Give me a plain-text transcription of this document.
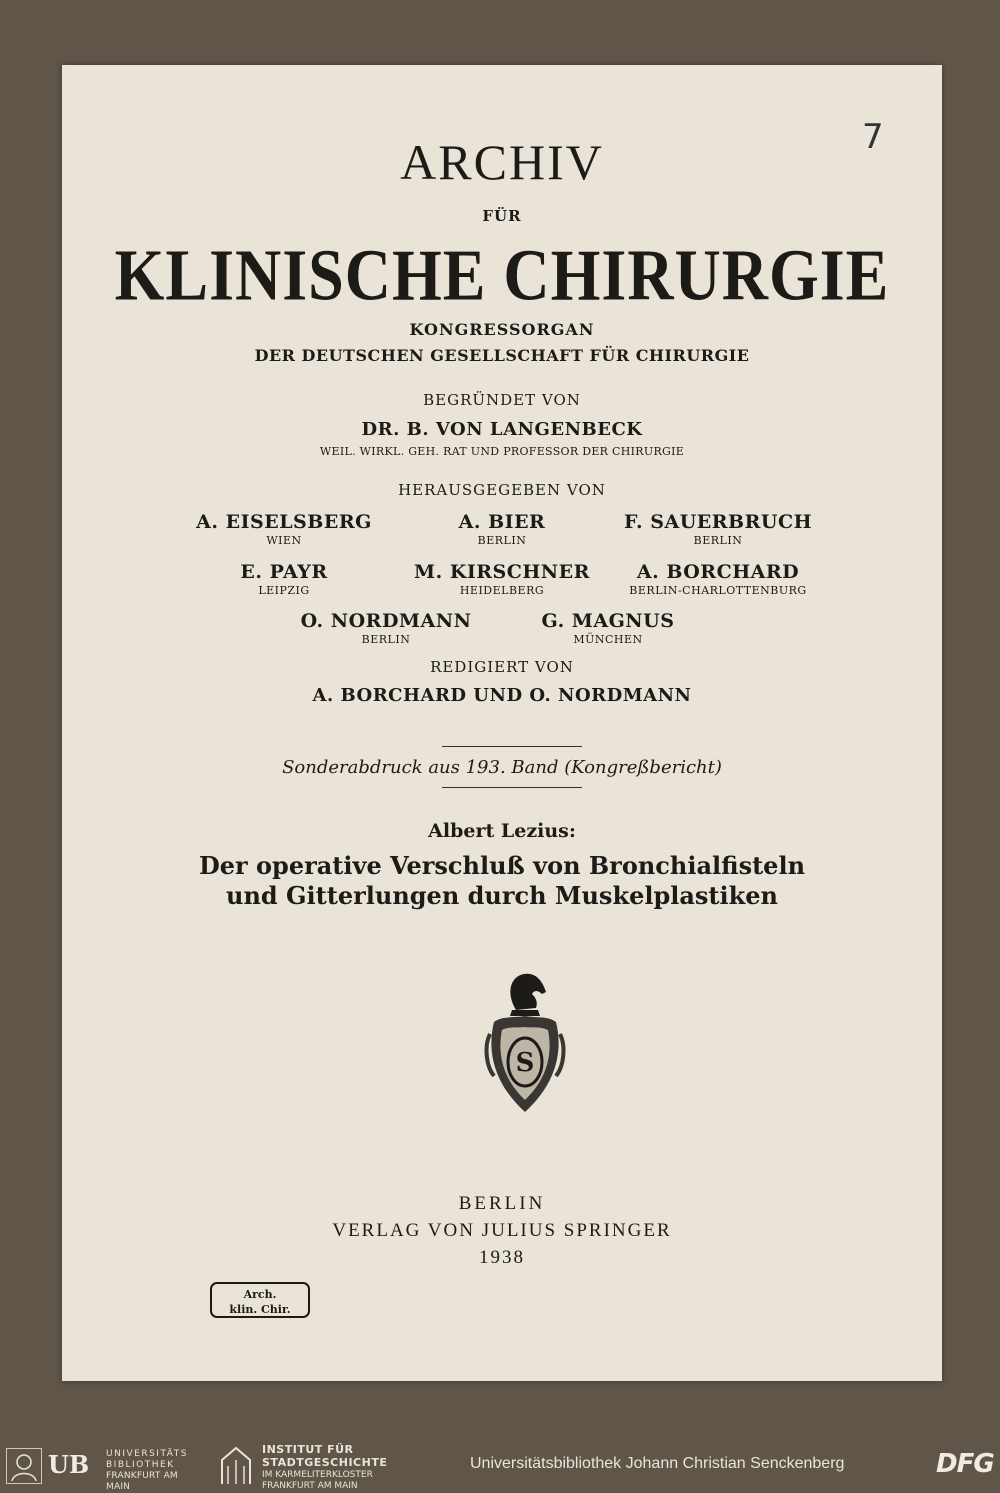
7
ARCHIV
FÜR
KLINISCHE CHIRURGIE
KONGRESSORGAN
DER DEUTSCHEN GESELLSCHAFT FÜR CHIRURGIE
BEGRÜNDET VON
DR. B. VON LANGENBECK
WEIL. WIRKL. GEH. RAT UND PROFESSOR DER CHIRURGIE
HERAUSGEGEBEN VON
A. EISELSBERG
WIEN
A. BIER
BERLIN
F. SAUERBRUCH
BERLIN
E. PAYR
LEIPZIG
M. KIRSCHNER
HEIDELBERG
A. BORCHARD
BERLIN-CHARLOTTENBURG
O. NORDMANN
BERLIN
G. MAGNUS
MÜNCHEN
REDIGIERT VON
A. BORCHARD UND O. NORDMANN
Sonderabdruck aus 193. Band (Kongreßbericht)
Albert Lezius:
Der operative Verschluß von Bronchialfisteln
und Gitterlungen durch Muskelplastiken
S
BERLIN
VERLAG VON JULIUS SPRINGER
1938
Arch.
klin. Chir.
UB UNIVERSITÄTS
BIBLIOTHEK
FRANKFURT AM MAIN
INSTITUT FÜR
STADTGESCHICHTE
IM KARMELITERKLOSTER
FRANKFURT AM MAIN
Universitätsbibliothek Johann Christian Senckenberg	DFG
